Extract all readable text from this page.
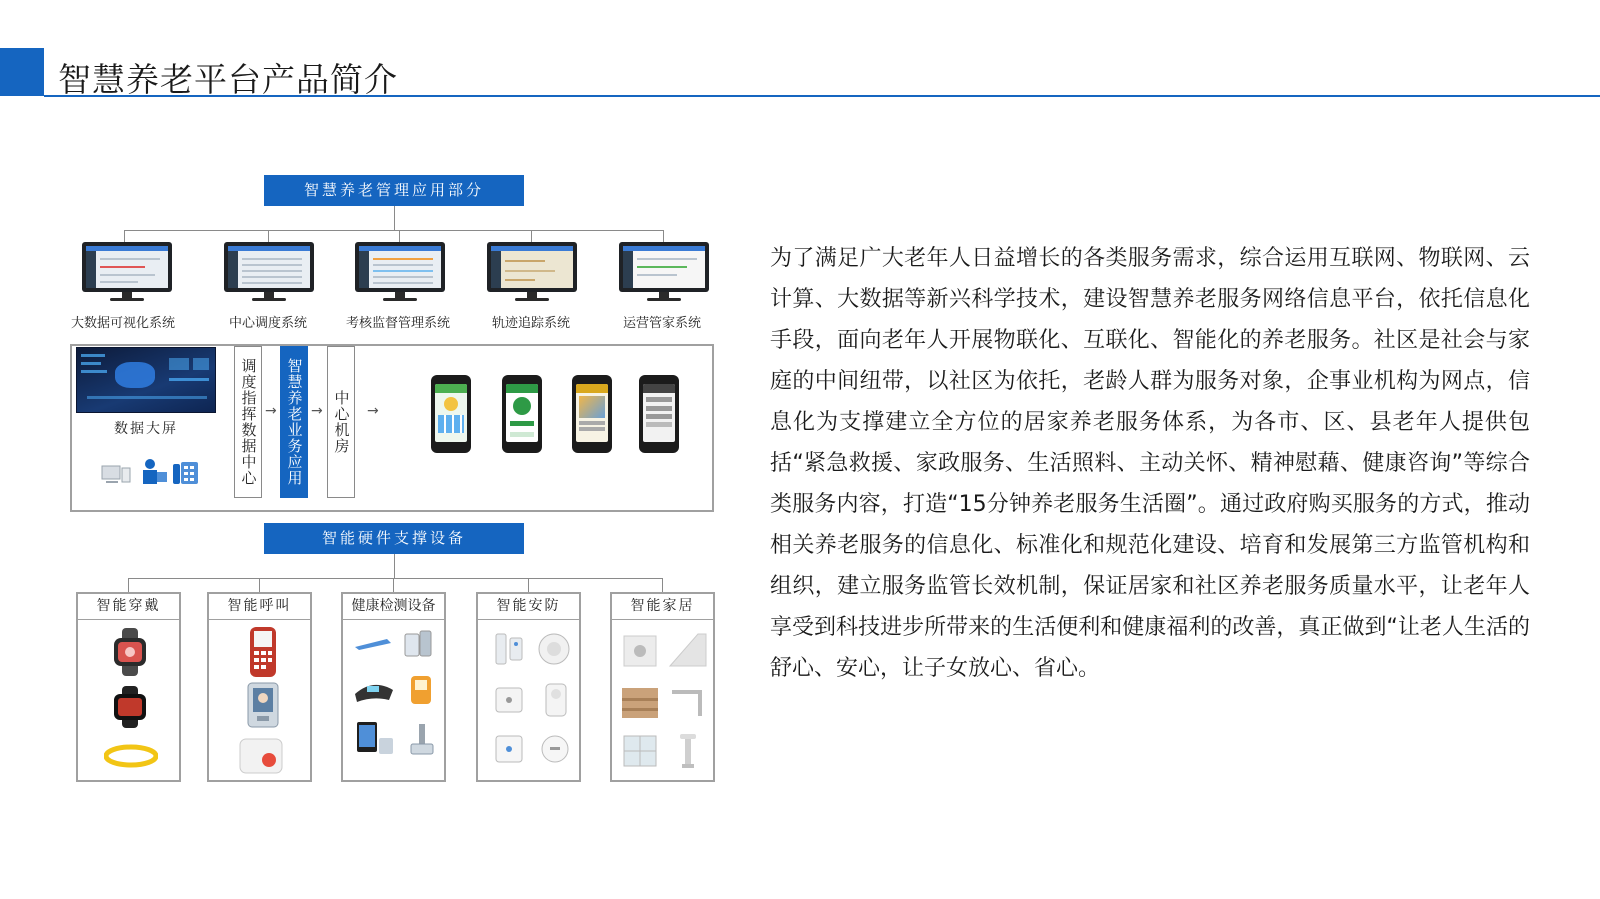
智慧养老平台产品简介
智慧养老管理应用部分
大数据可视化系统	中心调度系统	考核监督管理系统	轨迹追踪系统	运营管家系统
数据大屏	调度指挥数据中心 → 智慧养老业务应用 → 中心机房 →
智能硬件支撑设备
智能穿戴	智能呼叫	健康检测设备	智能安防	智能家居
为了满足广大老年人日益增长的各类服务需求，综合运用互联网、物联网、云计算、大数据等新兴科学技术，建设智慧养老服务网络信息平台，依托信息化手段，面向老年人开展物联化、互联化、智能化的养老服务。社区是社会与家庭的中间纽带，以社区为依托，老龄人群为服务对象，企事业机构为网点，信息化为支撑建立全方位的居家养老服务体系，为各市、区、县老年人提供包括“紧急救援、家政服务、生活照料、主动关怀、精神慰藉、健康咨询”等综合类服务内容，打造“15分钟养老服务生活圈”。通过政府购买服务的方式，推动相关养老服务的信息化、标准化和规范化建设、培育和发展第三方监管机构和组织，建立服务监管长效机制，保证居家和社区养老服务质量水平，让老年人享受到科技进步所带来的生活便利和健康福利的改善，真正做到“让老人生活的舒心、安心，让子女放心、省心。
